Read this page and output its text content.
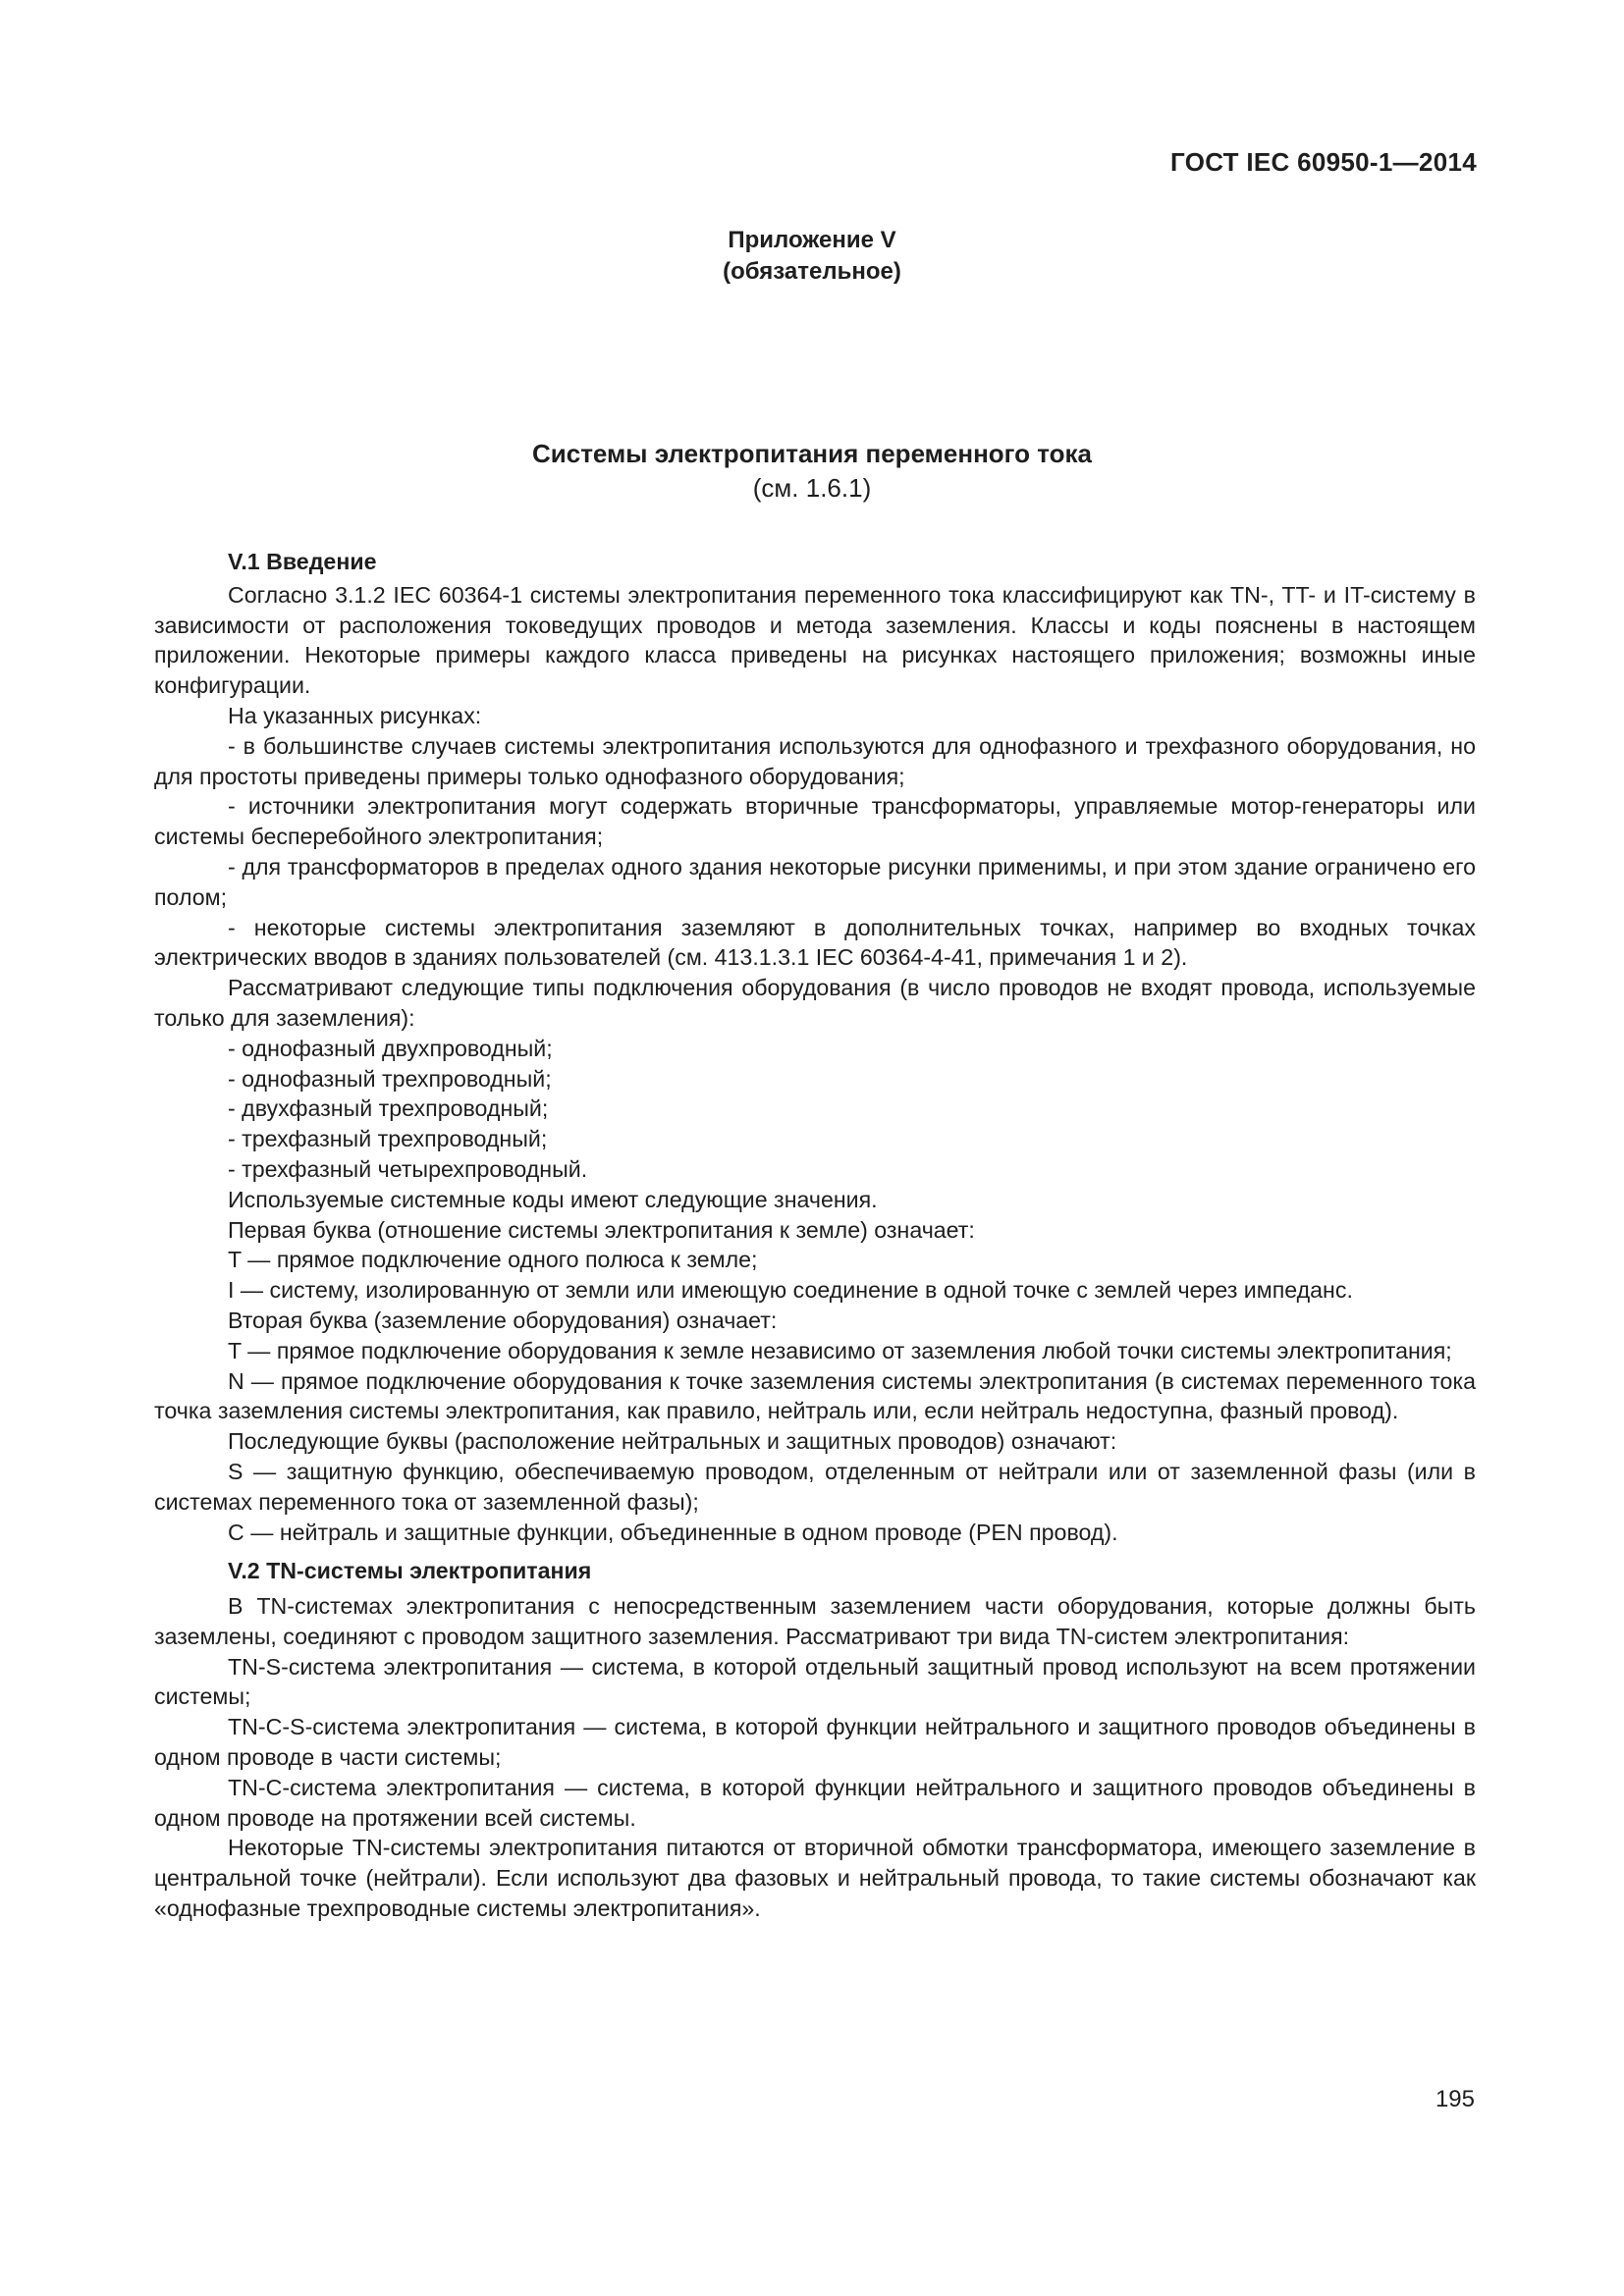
ГОСТ IEC 60950-1—2014
Приложение V
(обязательное)
Системы электропитания переменного тока
(см. 1.6.1)
V.1 Введение

Согласно 3.1.2 IEC 60364-1 системы электропитания переменного тока классифицируют как TN-, TT- и IT-систему в зависимости от расположения токоведущих проводов и метода заземления. Классы и коды пояснены в настоящем приложении. Некоторые примеры каждого класса приведены на рисунках настоящего приложения; возможны иные конфигурации.

На указанных рисунках:

- в большинстве случаев системы электропитания используются для однофазного и трехфазного оборудования, но для простоты приведены примеры только однофазного оборудования;

- источники электропитания могут содержать вторичные трансформаторы, управляемые мотор-генераторы или системы бесперебойного электропитания;

- для трансформаторов в пределах одного здания некоторые рисунки применимы, и при этом здание ограничено его полом;

- некоторые системы электропитания заземляют в дополнительных точках, например во входных точках электрических вводов в зданиях пользователей (см. 413.1.3.1 IEC 60364-4-41, примечания 1 и 2).

Рассматривают следующие типы подключения оборудования (в число проводов не входят провода, используемые только для заземления):

- однофазный двухпроводный;

- однофазный трехпроводный;

- двухфазный трехпроводный;

- трехфазный трехпроводный;

- трехфазный четырехпроводный.

Используемые системные коды имеют следующие значения.

Первая буква (отношение системы электропитания к земле) означает:

T — прямое подключение одного полюса к земле;

I — систему, изолированную от земли или имеющую соединение в одной точке с землей через импеданс.

Вторая буква (заземление оборудования) означает:

T — прямое подключение оборудования к земле независимо от заземления любой точки системы электропитания;

N — прямое подключение оборудования к точке заземления системы электропитания (в системах переменного тока точка заземления системы электропитания, как правило, нейтраль или, если нейтраль недоступна, фазный провод).

Последующие буквы (расположение нейтральных и защитных проводов) означают:

S — защитную функцию, обеспечиваемую проводом, отделенным от нейтрали или от заземленной фазы (или в системах переменного тока от заземленной фазы);

C — нейтраль и защитные функции, объединенные в одном проводе (PEN провод).

V.2 TN-системы электропитания

В TN-системах электропитания с непосредственным заземлением части оборудования, которые должны быть заземлены, соединяют с проводом защитного заземления. Рассматривают три вида TN-систем электропитания:

TN-S-система электропитания — система, в которой отдельный защитный провод используют на всем протяжении системы;

TN-C-S-система электропитания — система, в которой функции нейтрального и защитного проводов объединены в одном проводе в части системы;

TN-C-система электропитания — система, в которой функции нейтрального и защитного проводов объединены в одном проводе на протяжении всей системы.

Некоторые TN-системы электропитания питаются от вторичной обмотки трансформатора, имеющего заземление в центральной точке (нейтрали). Если используют два фазовых и нейтральный провода, то такие системы обозначают как «однофазные трехпроводные системы электропитания».

195
